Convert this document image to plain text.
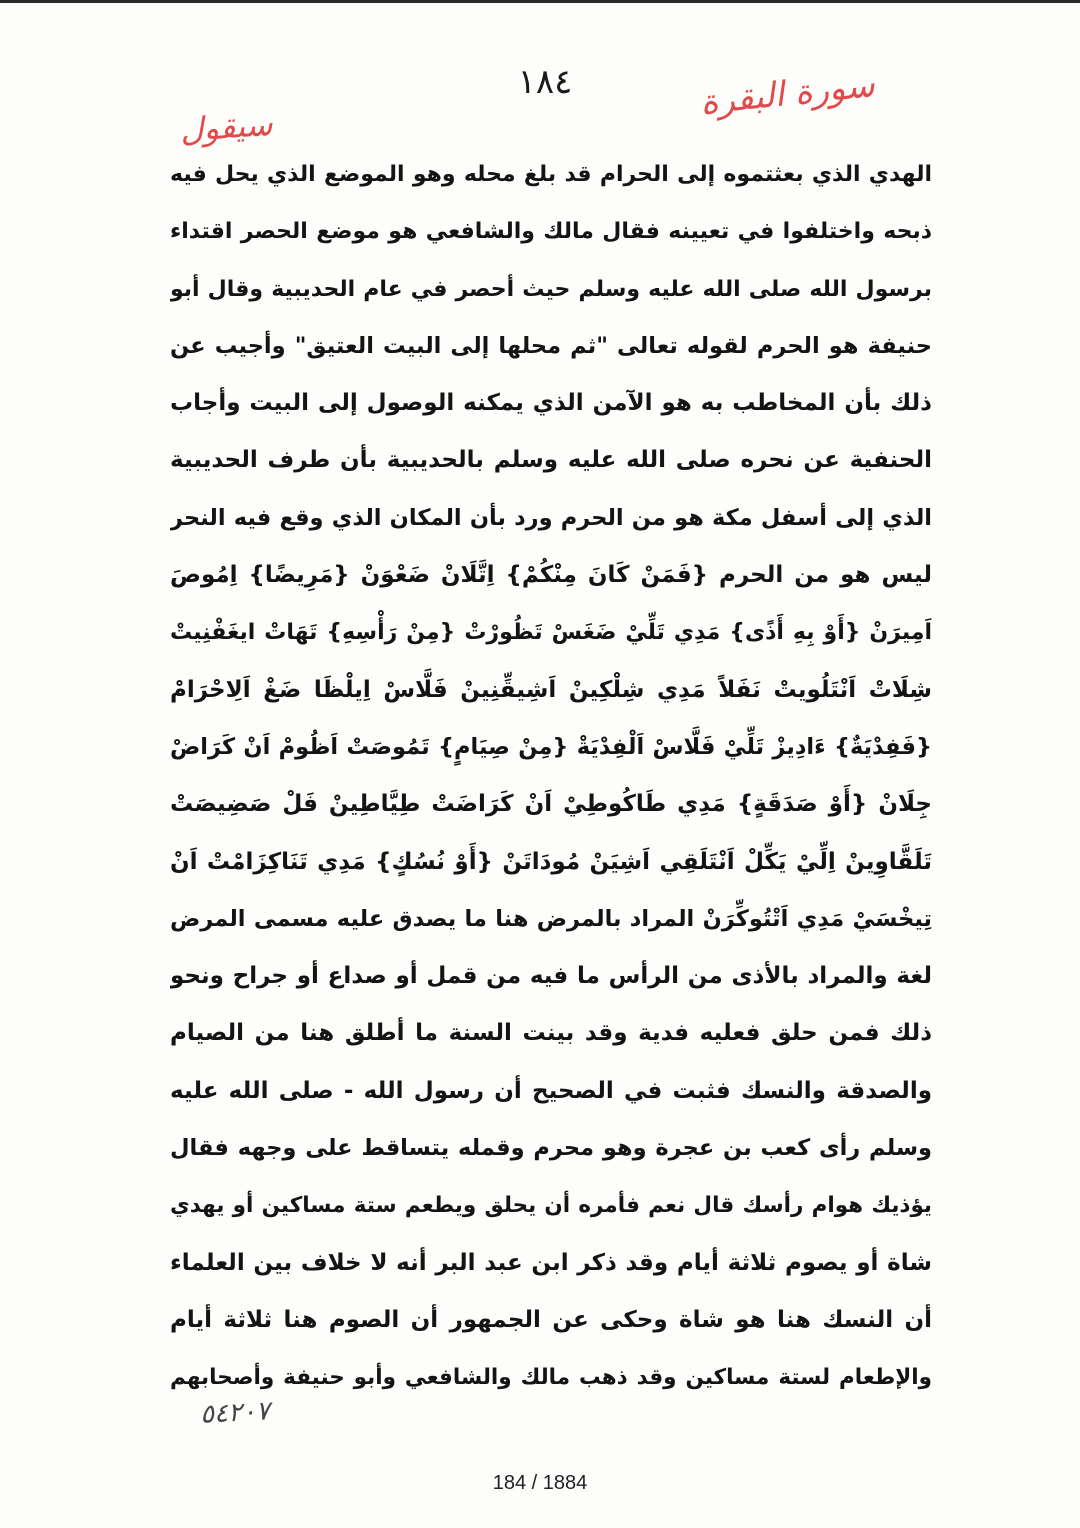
١٨٤	سورة البقرة
سيقول
الهدي الذي بعثتموه إلى الحرام قد بلغ محله وهو الموضع الذي يحل فيه
ذبحه واختلفوا في تعيينه فقال مالك والشافعي هو موضع الحصر اقتداء
برسول الله صلى الله عليه وسلم حيث أحصر في عام الحديبية وقال أبو
حنيفة هو الحرم لقوله تعالى "ثم محلها إلى البيت العتيق" وأجيب عن
ذلك بأن المخاطب به هو الآمن الذي يمكنه الوصول إلى البيت وأجاب
الحنفية عن نحره صلى الله عليه وسلم بالحديبية بأن طرف الحديبية
الذي إلى أسفل مكة هو من الحرم ورد بأن المكان الذي وقع فيه النحر
ليس هو من الحرم {فَمَنْ كَانَ مِنْكُمْ} اِتَّلَانْ ضَعْوَنْ {مَرِيضًا} اِمُوصَ
اَمِيرَنْ {أَوْ بِهِ أَذًى} مَدِي تَلِّيْ ضَغَسْ تَظُورْتْ {مِنْ رَأْسِهِ} تَهَاتْ ايغَفْنِيتْ
شِلَاتْ اَنْتَلُويتْ نَفَلاً مَدِي شِلْكِينْ اَشِيقِّنِينْ فَلَّاسْ اِيلْظَا ضَغْ اَلِاحْرَامْ
{فَفِدْيَةٌ} ءَادِيزْ تَلِّيْ فَلَّاسْ اَلْفِدْيَةْ {مِنْ صِيَامٍ} تَمُوصَتْ اَظُومْ اَنْ كَرَاضْ
جِلَانْ {أَوْ صَدَقَةٍ} مَدِي طَاكُوطِيْ اَنْ كَرَاضَتْ طِيَّاطِينْ فَلْ صَضِيصَتْ
تَلَقَّاوِينْ اِلِّيْ يَكِّلْ اَنْتَلَقِي اَشِيَنْ مُودَاتَنْ {أَوْ نُسُكٍ} مَدِي تَنَاكِزَامْتْ اَنْ
تِيخْسَيْ مَدِي اَتْتُوكِّرَنْ المراد بالمرض هنا ما يصدق عليه مسمى المرض
لغة والمراد بالأذى من الرأس ما فيه من قمل أو صداع أو جراح ونحو
ذلك فمن حلق فعليه فدية وقد بينت السنة ما أطلق هنا من الصيام
والصدقة والنسك فثبت في الصحيح أن رسول الله - صلى الله عليه
وسلم رأى كعب بن عجرة وهو محرم وقمله يتساقط على وجهه فقال
يؤذيك هوام رأسك قال نعم فأمره أن يحلق ويطعم ستة مساكين أو يهدي
شاة أو يصوم ثلاثة أيام وقد ذكر ابن عبد البر أنه لا خلاف بين العلماء
أن النسك هنا هو شاة وحكى عن الجمهور أن الصوم هنا ثلاثة أيام
والإطعام لستة مساكين وقد ذهب مالك والشافعي وأبو حنيفة وأصحابهم
٥٤٢٠٧
184 / 1884
